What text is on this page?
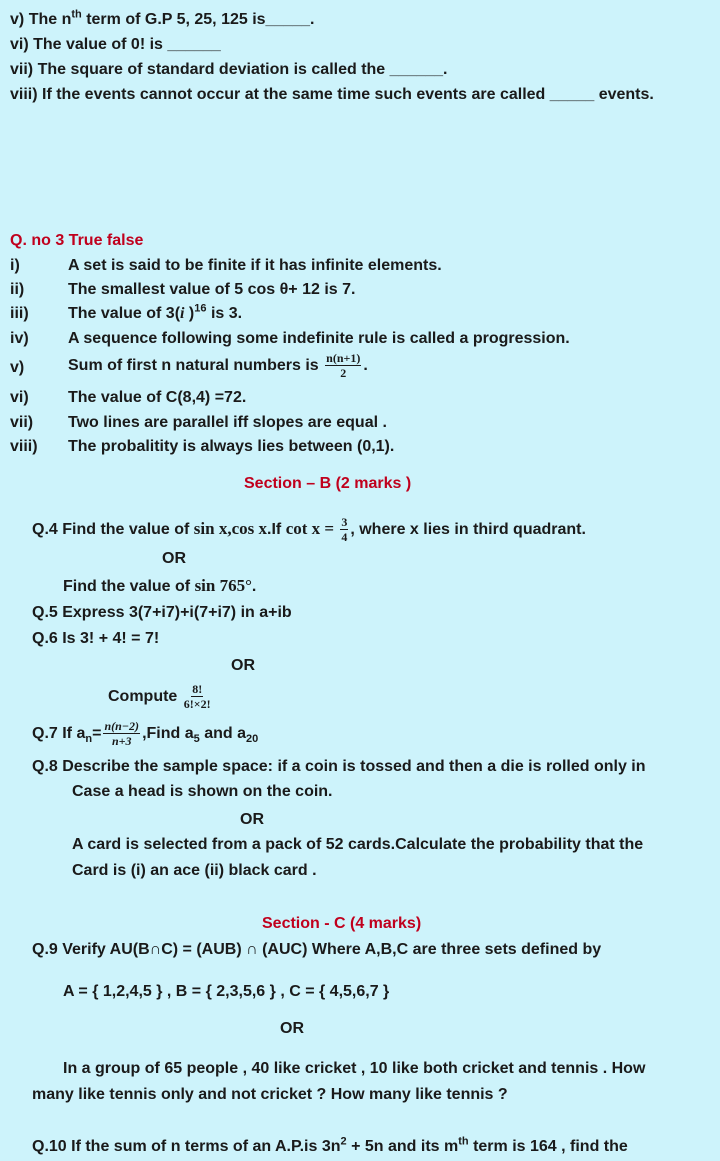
v) The $n^{th}$ term of G.P 5, 25, 125 is_____.
vi) The value of 0! is ______
vii) The square of standard deviation is called the ______.
viii) If the events cannot occur at the same time such events are called _____ events.
Q. no 3 True false
i)	A set is said to be finite if it has infinite elements.
ii)	The smallest value of 5 cos θ+ 12 is 7.
iii) The value of 3(i )$^{16}$ is 3.
iv) A sequence following some indefinite rule is called a progression.
v)	Sum of first n natural numbers is $\frac{n(n+1)}{2}$ .
vi) The value of C(8,4) =72.
vii) Two lines are parallel iff slopes are equal .
viii) The probalitity is always lies between (0,1).
Section – B (2 marks )
Q.4 Find the value of sin x,cos x.If $\cot x = \frac{3}{4}$ , where x lies in third quadrant.
OR
Find the value of sin 765°.
Q.5 Express 3(7+i7)+i(7+i7) in a+ib
Q.6 Is 3! + 4! = 7!
OR
Compute $\frac{8!}{6!\times 2!}$
Q.7 If $a_n= \frac{n(n-2)}{n+3}$ ,Find $a_5$ and $a_{20}$
Q.8 Describe the sample space: if a coin is tossed and then a die is rolled only in
Case a head is shown on the coin.
OR
A card is selected from a pack of 52 cards.Calculate the probability that the
Card is (i) an ace (ii) black card .
Section - C (4 marks)
Q.9 Verify AU(B∩C) = (AUB) ∩ (AUC) Where A,B,C are three sets defined by
A = { 1,2,4,5 } , B = { 2,3,5,6 } , C = { 4,5,6,7 }
OR
In a group of 65 people , 40 like cricket , 10 like both cricket and tennis . How
many like tennis only and not cricket ? How many like tennis ?
Q.10 If the sum of n terms of an A.P.is $3n^2 + 5n$ and its $m^{th}$ term is 164 , find the
